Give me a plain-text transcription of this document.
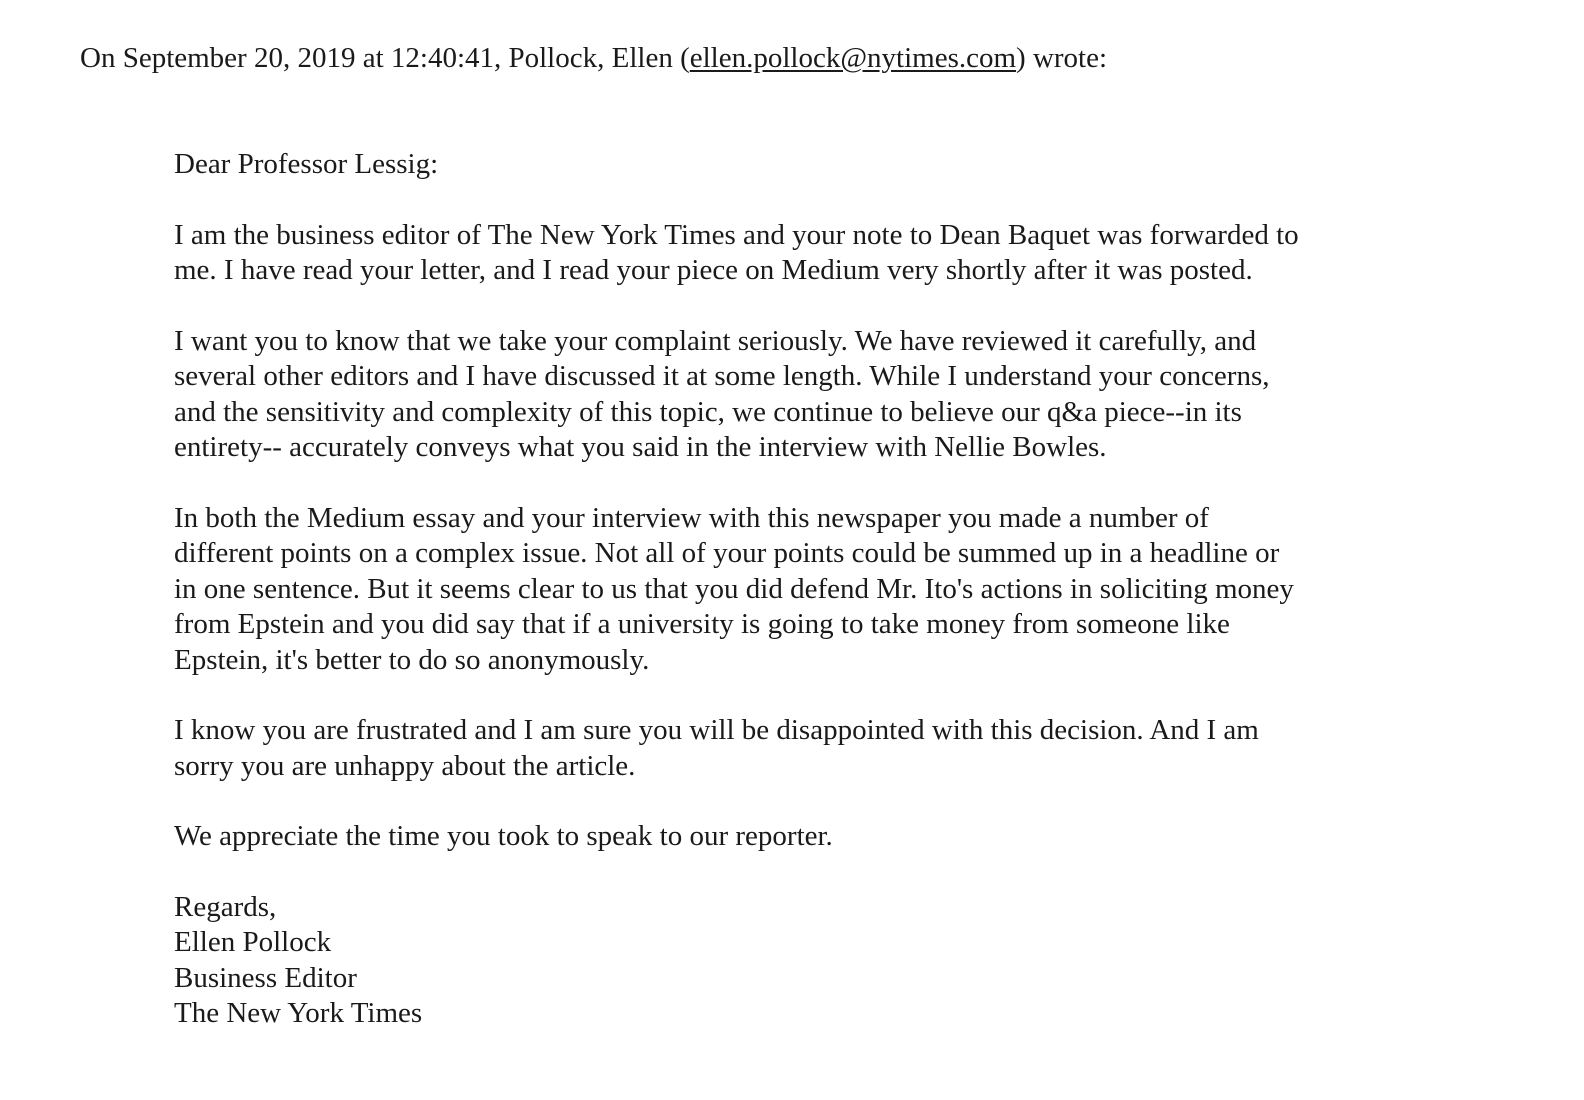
On September 20, 2019 at 12:40:41, Pollock, Ellen (ellen.pollock@nytimes.com) wrote:

Dear Professor Lessig:

I am the business editor of The New York Times and your note to Dean Baquet was forwarded to
me. I have read your letter, and I read your piece on Medium very shortly after it was posted.

I want you to know that we take your complaint seriously. We have reviewed it carefully, and
several other editors and I have discussed it at some length. While I understand your concerns,
and the sensitivity and complexity of this topic, we continue to believe our q&a piece--in its
entirety-- accurately conveys what you said in the interview with Nellie Bowles.

In both the Medium essay and your interview with this newspaper you made a number of
different points on a complex issue. Not all of your points could be summed up in a headline or
in one sentence. But it seems clear to us that you did defend Mr. Ito's actions in soliciting money
from Epstein and you did say that if a university is going to take money from someone like
Epstein, it's better to do so anonymously.

I know you are frustrated and I am sure you will be disappointed with this decision. And I am
sorry you are unhappy about the article.

We appreciate the time you took to speak to our reporter.

Regards,
Ellen Pollock
Business Editor
The New York Times
